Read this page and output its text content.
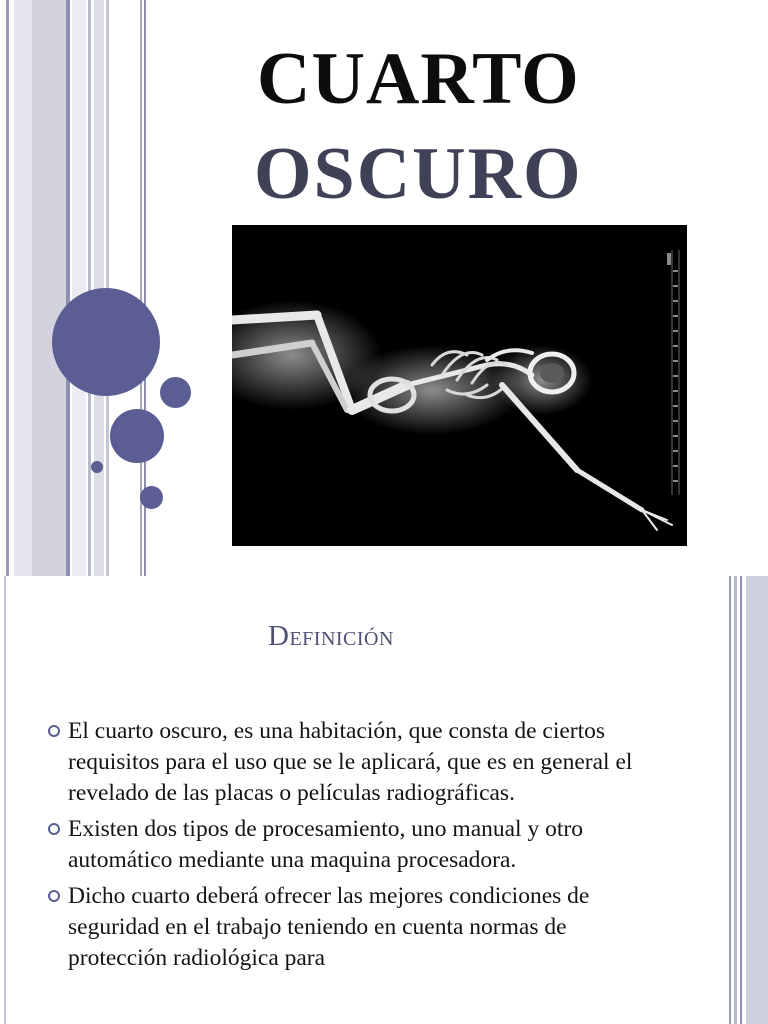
CUARTO
OSCURO
Definición
El cuarto oscuro, es una habitación, que consta de ciertos requisitos para el uso que se le aplicará, que es en general el revelado de las placas o películas radiográficas.
Existen dos tipos de procesamiento, uno manual y otro automático mediante una maquina procesadora.
Dicho cuarto deberá ofrecer las mejores condiciones de seguridad en el trabajo teniendo en cuenta normas de protección radiológica para
